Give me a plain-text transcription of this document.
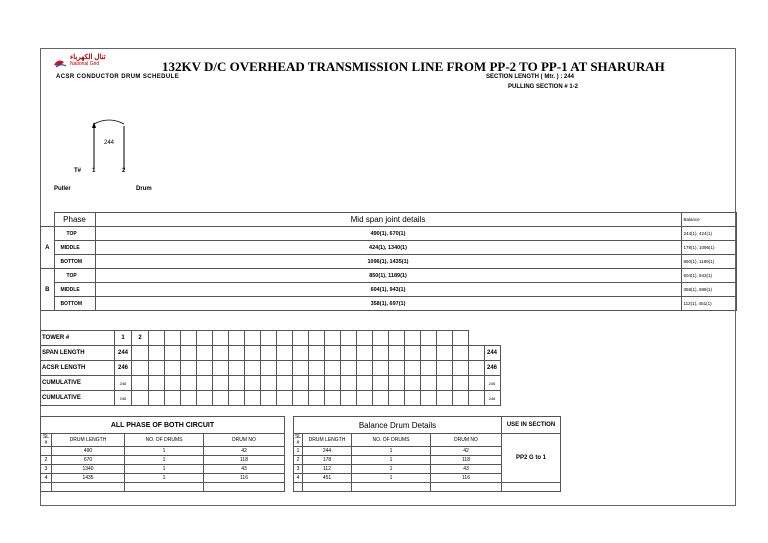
تنال الكهرباء
National Grid	132KV D/C OVERHEAD TRANSMISSION LINE FROM PP-2 TO PP-1 AT SHARURAH
ACSR CONDUCTOR DRUM SCHEDULE	SECTION LENGTH ( Mtr. ) : 244
PULLING SECTION # 1-2
244
T# 1	2
Puller	Drum
	Phase	Mid span joint details	Balance
A	TOP	490(1), 670(1)	244(1), 424(1)
	MIDDLE	424(1), 1340(1)	178(1), 1096(1)
	BOTTOM	1096(1), 1435(1)	850(1), 1189(1)
B	TOP	850(1), 1189(1)	604(1), 943(1)
	MIDDLE	604(1), 943(1)	358(1), 698(1)
	BOTTOM	358(1), 697(1)	112(1), 451(1)
TOWER #	1	2																						
SPAN LENGTH	244																							244
ACSR LENGTH	246																							246
CUMULATIVE	246																							246
CUMULATIVE	246																							246
ALL PHASE OF BOTH CIRCUIT			
SL #	DRUM LENGTH	NO. OF DRUMS	DRUM NO
	490	1	42
2	670	1	118
3	1340	1	43
4	1435	1	116

Balance Drum Details				USE IN SECTION
SL #	DRUM LENGTH	NO. OF DRUMS	DRUM NO	PP2 G to 1
1	244	1	42	
2	178	1	118	
3	112	1	43	
4	451	1	116	
